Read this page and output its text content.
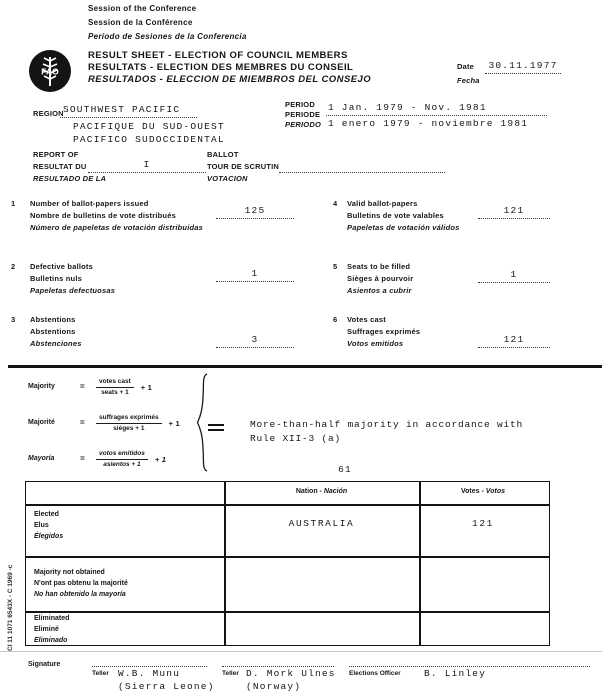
Session of the Conference
Session de la Conférence
Período de Sesiones de la Conferencia
FAO
RESULT SHEET - ELECTION OF COUNCIL MEMBERS
RESULTATS - ELECTION DES MEMBRES DU CONSEIL
RESULTADOS - ELECCION DE MIEMBROS DEL CONSEJO
Date	30.11.1977
Fecha
REGION SOUTHWEST PACIFIC
PACIFIQUE DU SUD-OUEST
PACIFICO SUDOCCIDENTAL
PERIOD
PERIODE
PERIODO
1 Jan. 1979 - Nov. 1981
1 enero 1979 - noviembre 1981
REPORT OF
RESULTAT DU
RESULTADO DE LA
I
BALLOT
TOUR DE SCRUTIN
VOTACION
1 Number of ballot-papers issued
Nombre de bulletins de vote distribués
Número de papeletas de votación distribuidas
125
2 Defective ballots
Bulletins nuls
Papeletas defectuosas
1
3 Abstentions
Abstentions
Abstenciones	3
4 Valid ballot-papers
Bulletins de vote valables
Papeletas de votación válidos
121
5 Seats to be filled
Sièges à pourvoir
Asientos a cubrir
1
6 Votes cast
Suffrages exprimés
Votos emitidos	121
Majority	=	$\frac{\text{votes cast}}{\text{seats + 1}} + 1$
Majorité	=	$\frac{\text{suffrages exprimés}}{\text{sièges + 1}} + 1$
Mayoría	=	$\frac{\text{votos emitidos}}{\text{asientos + 1}} + 1$
More-than-half majority in accordance with
Rule XII-3 (a)
61
Nation - Nación	Votes - Votos
Elected
Elus
Élegidos
AUSTRALIA	121
Majority not obtained
N'ont pas obtenu la majorité
No han obtenido la mayoría
Eliminated
Eliminé
Eliminado
CI 11 1071 6543X - C 1969 -c
Signature
Teller W.B. Munu
(Sierra Leone)
Teller D. Mork Ulnes
(Norway)
Elections Officer B. Linley
